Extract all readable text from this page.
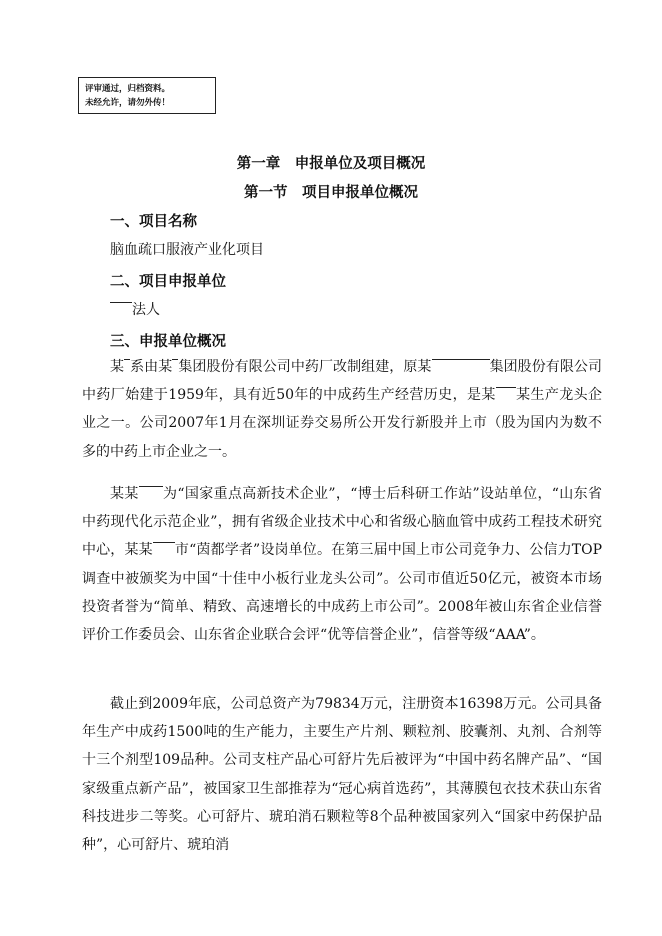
评审通过，归档资料。
未经允许，请勿外传！
第一章　申报单位及项目概况
第一节　项目申报单位概况
一、项目名称
脑血疏口服液产业化项目
二、项目申报单位
法人
三、申报单位概况

某 系由某 集团股份有限公司中药厂改制组建，原某	集团股份有限公司中药厂始建于1959年，具有近50年的中成药生产经营历史，是某 某生产龙头企业之一。公司2007年1月在深圳证券交易所公开发行新股并上市（股为国内为数不多的中药上市企业之一。

某某 为“国家重点高新技术企业”，“博士后科研工作站”设站单位，“山东省中药现代化示范企业”，拥有省级企业技术中心和省级心脑血管中成药工程技术研究中心，某某 市“茵都学者”设岗单位。在第三届中国上市公司竞争力、公信力TOP调查中被颁奖为中国“十佳中小板行业龙头公司”。公司市值近50亿元，被资本市场投资者誉为“简单、精致、高速增长的中成药上市公司”。2008年被山东省企业信誉评价工作委员会、山东省企业联合会评“优等信誉企业”，信誉等级“AAA”。

截止到2009年底，公司总资产为79834万元，注册资本16398万元。公司具备年生产中成药1500吨的生产能力，主要生产片剂、颗粒剂、胶囊剂、丸剂、合剂等十三个剂型109品种。公司支柱产品心可舒片先后被评为“中国中药名牌产品”、“国家级重点新产品”，被国家卫生部推荐为“冠心病首选药”，其薄膜包衣技术获山东省科技进步二等奖。心可舒片、琥珀消石颗粒等8个品种被国家列入“国家中药保护品种”，心可舒片、琥珀消
